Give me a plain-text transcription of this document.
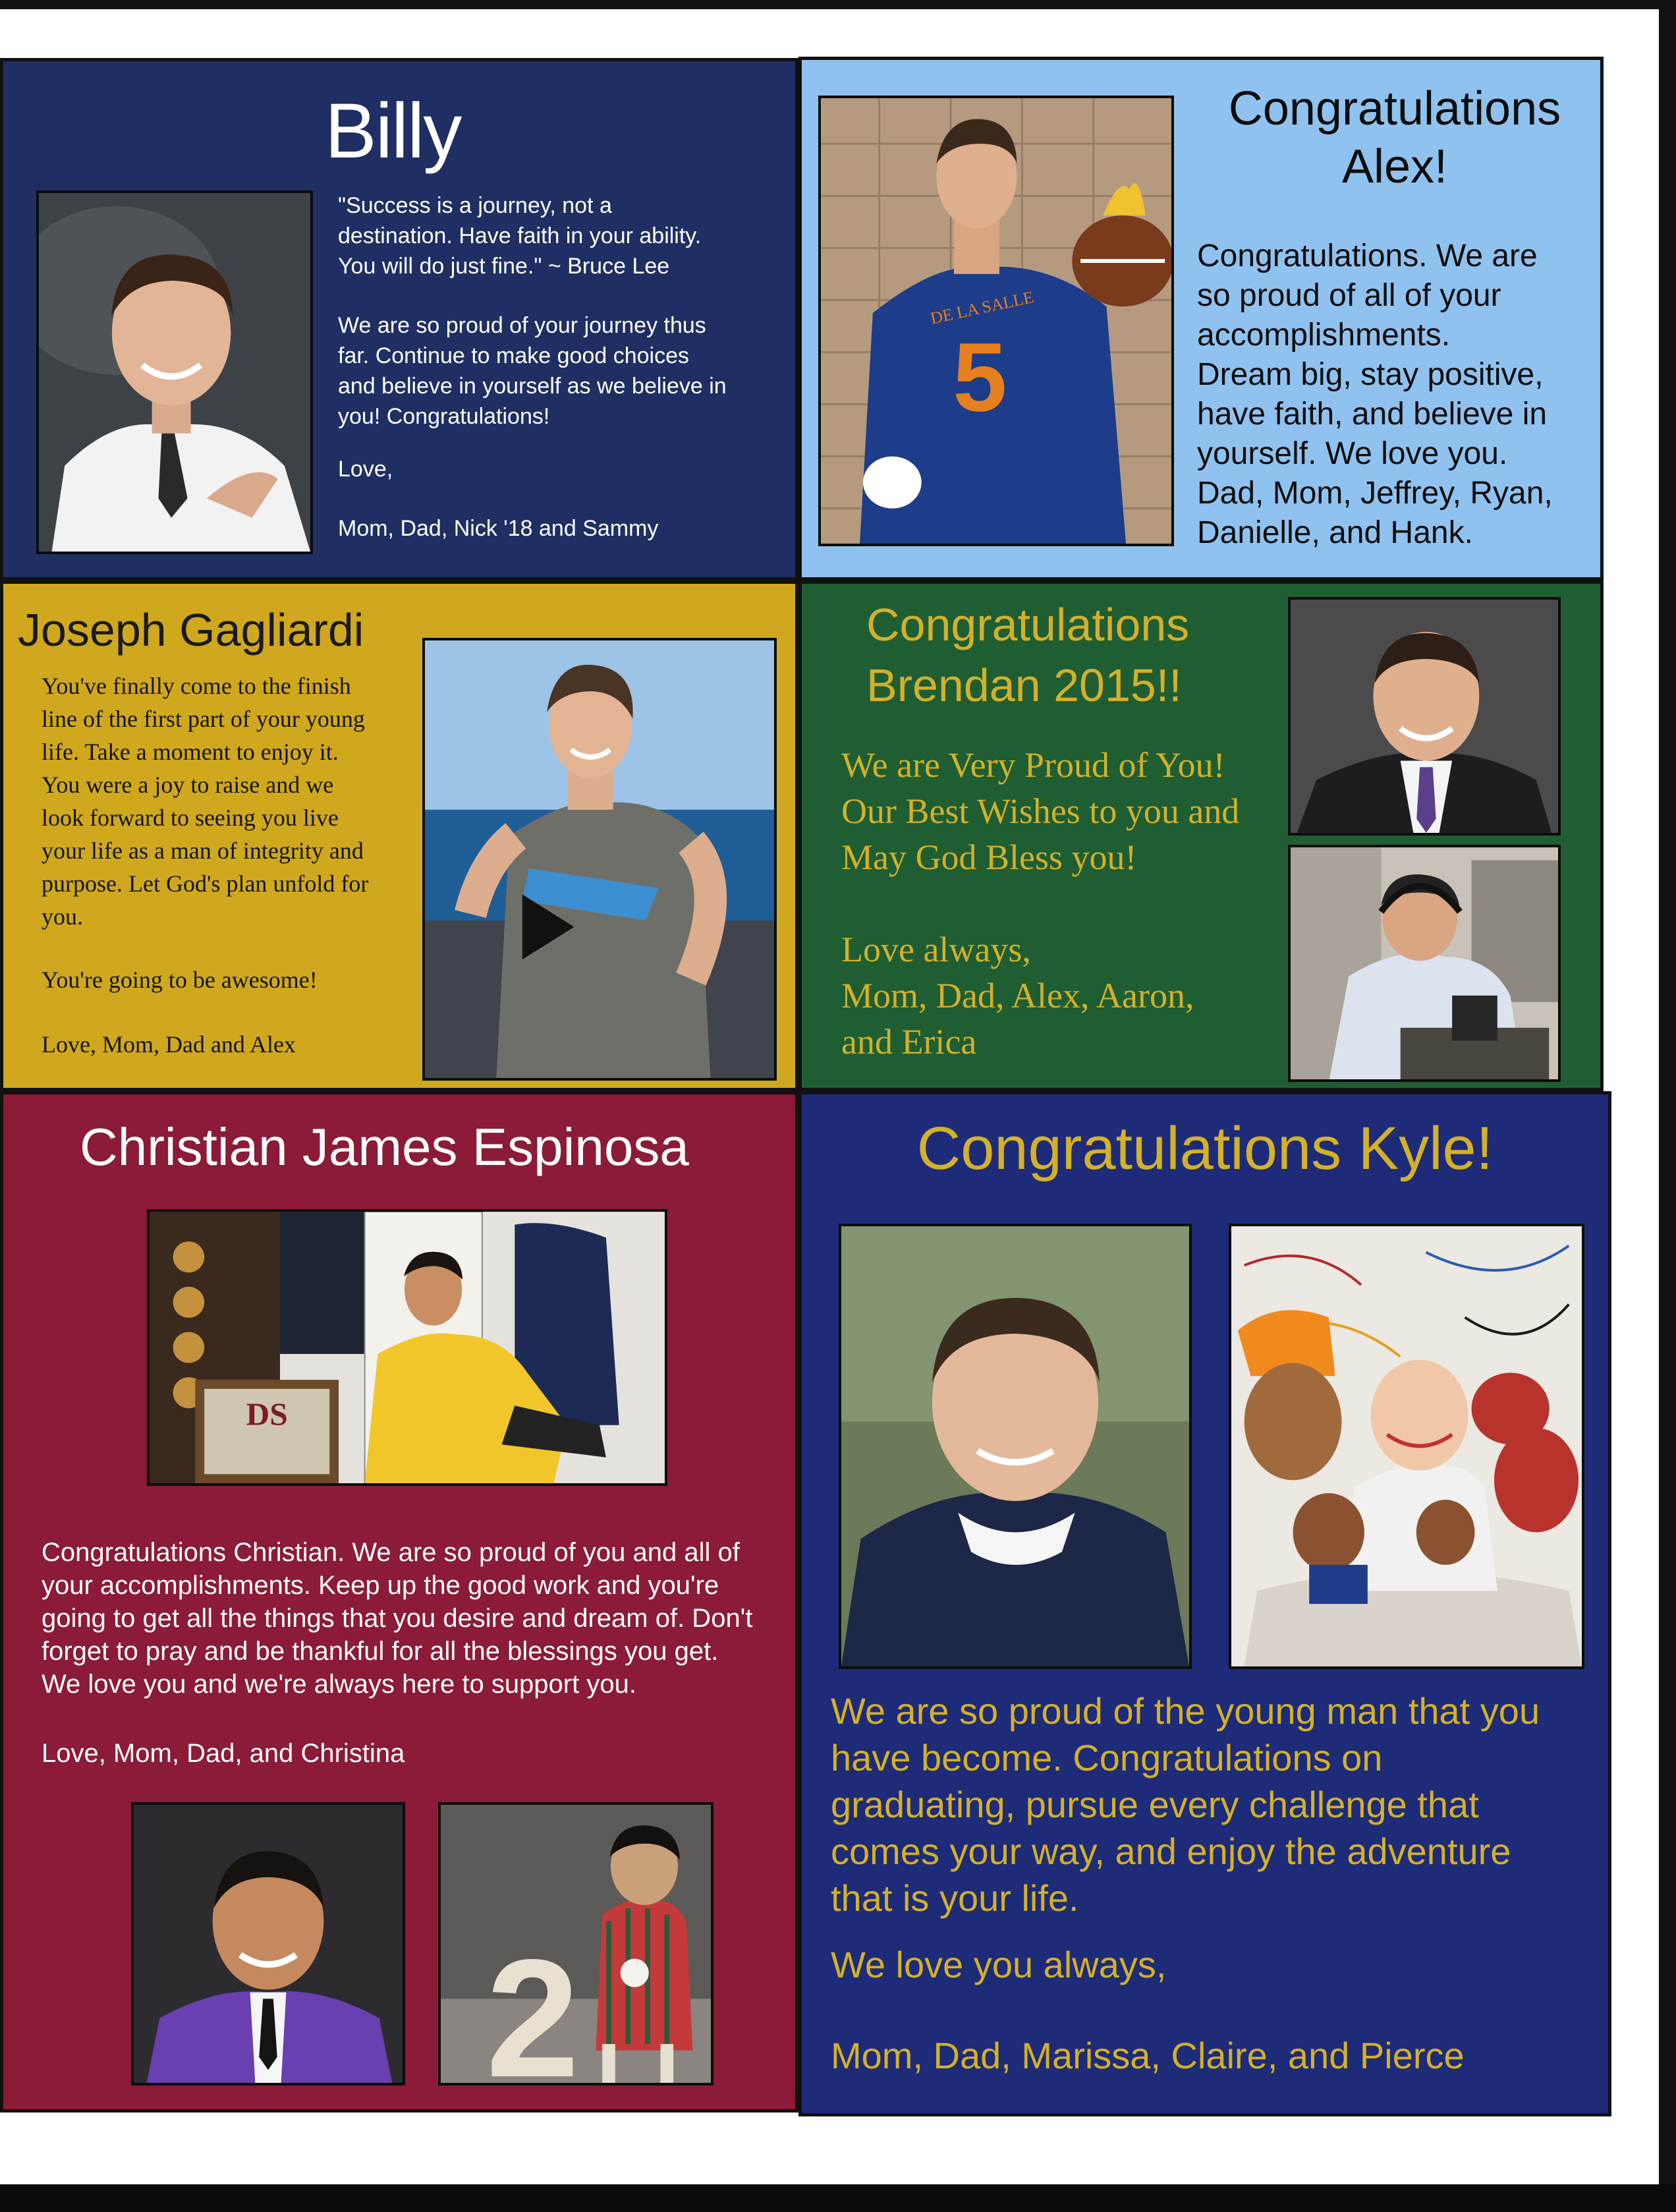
Billy
"Success is a journey, not a
destination. Have faith in your ability.
You will do just fine." ~ Bruce Lee
We are so proud of your journey thus
far. Continue to make good choices
and believe in yourself as we believe in
you! Congratulations!
Love,
Mom, Dad, Nick '18 and Sammy
5
DE LA SALLE
Congratulations
Alex!
Congratulations. We are
so proud of all of your
accomplishments.
Dream big, stay positive,
have faith, and believe in
yourself. We love you.
Dad, Mom, Jeffrey, Ryan,
Danielle, and Hank.
Joseph Gagliardi
You've finally come to the finish
line of the first part of your young
life. Take a moment to enjoy it.
You were a joy to raise and we
look forward to seeing you live
your life as a man of integrity and
purpose. Let God's plan unfold for
you.
You're going to be awesome!
Love, Mom, Dad and Alex
Congratulations
Brendan 2015!!
We are Very Proud of You!
Our Best Wishes to you and
May God Bless you!
Love always,
Mom, Dad, Alex, Aaron,
and Erica
Christian James Espinosa
DS
Congratulations Christian. We are so proud of you and all of
your accomplishments. Keep up the good work and you're
going to get all the things that you desire and dream of. Don't
forget to pray and be thankful for all the blessings you get.
We love you and we're always here to support you.
Love, Mom, Dad, and Christina
2
Congratulations Kyle!
We are so proud of the young man that you
have become. Congratulations on
graduating, pursue every challenge that
comes your way, and enjoy the adventure
that is your life.
We love you always,
Mom, Dad, Marissa, Claire, and Pierce
217
